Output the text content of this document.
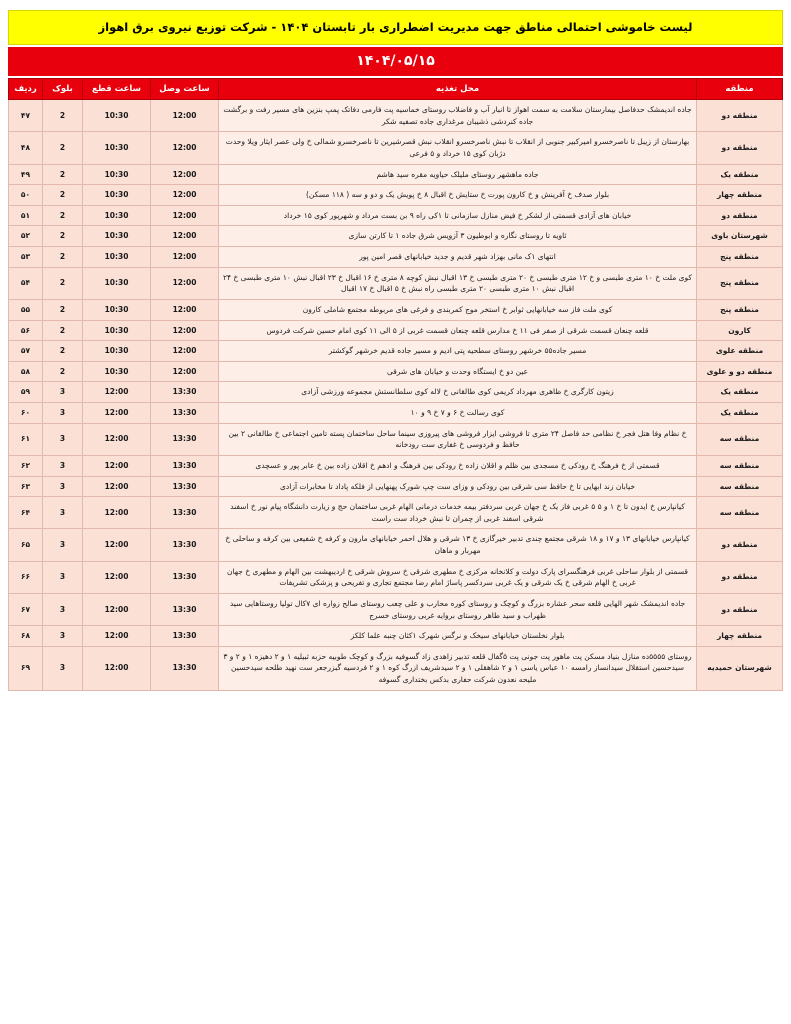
لیست خاموشی احتمالی مناطق جهت مدیریت اضطراری بار تابستان ۱۴۰۴ - شرکت توزیع نیروی برق اهواز
۱۴۰۴/۰۵/۱۵
منطقه	محل تغذیه	ساعت وصل	ساعت قطع	بلوک	ردیف
منطقه دو	جاده اندیمشک حدفاصل بیمارستان سلامت به سمت اهواز تا انبار آب و فاضلاب روستای خماسیه پت فارمی دفاتک پمپ بنزین های مسیر رفت و برگشت جاده کنردشی ذشیبان مرغداری جاده تصفیه شکر	12:00	10:30	2	۴۷
منطقه دو	بهارستان از زیبل تا ناصرخسرو امیرکبیر جنوبی از انقلاب تا نبش ناصرخسرو انقلاب نبش قصرشیرین تا ناصرخسرو شمالی خ ولی عصر ایثار ویلا وحدت دژبان کوی ۱۵ خرداد و ۵ فرعی	12:00	10:30	2	۴۸
منطقه یک	جاده ماهشهر روستای ملیلک حیاویه مقره سید هاشم	12:00	10:30	2	۴۹
منطقه چهار	بلوار صدف خ آفرینش و خ کارون پورت خ ستایش خ اقبال ۸ خ پویش یک و دو و سه ( ۱۱۸ مسکن)	12:00	10:30	2	۵۰
منطقه دو	خیابان های آزادی قسمتی از لشکر خ فیض منازل سازمانی تا ۱کی راه ۹ بن بست مرداد و شهرپور کوی ۱۵ خرداد	12:00	10:30	2	۵۱
شهرستان باوی	ثاویه تا روستای نگاره و ابوطیون ۳ آزویس شرق جاده ۱ تا کارتن سازی	12:00	10:30	2	۵۲
منطقه پنج	انتهای ۱ک مانی بهزاد شهر قدیم و جدید خیابانهای قصر امین پور	12:00	10:30	2	۵۳
منطقه پنج	کوی ملت خ ۱۰ متری طبسی و خ ۱۲ متری طبسی خ ۲۰ متری طبسی خ ۱۳ اقبال نبش کوچه ۸ متری خ ۱۶ اقبال خ ۲۳ اقبال نبش ۱۰ متری طبسی خ ۲۴ اقبال نبش ۱۰ متری طبسی ۲۰ متری طبسی راه نبش خ ۵ اقبال خ ۱۷ اقبال	12:00	10:30	2	۵۴
منطقه پنج	کوی ملت فاز سه خیابانهایی ثوابر خ استخر موج کمربندی و فرغی های مربوطه مجتمع شاملی کارون	12:00	10:30	2	۵۵
کارون	قلعه چنعان قسمت شرقی از صفر فی ۱۱ خ مدارس قلعه چنعان قسمت غربی از ۵ الی ۱۱ کوی امام حسین شرکت فردوس	12:00	10:30	2	۵۶
منطقه علوی	مسیر جاده۵۵ خرشهر روستای سطحیه پتی ادیم و مسیر جاده قدیم خرشهر گوکشتر	12:00	10:30	2	۵۷
منطقه دو و علوی	عین دو خ ایستگاه وحدت و خیابان های شرقی	12:00	10:30	2	۵۸
منطقه یک	زیتون کارگری خ ظاهری مهرداد کریمی کوی طالقانی خ لاله کوی سلطانستش مجموعه ورزشی آزادی	13:30	12:00	3	۵۹
منطقه یک	کوی رسالت خ ۶ و ۷ خ ۹ و ۱۰	13:30	12:00	3	۶۰
منطقه سه	خ نظام وفا هتل فجر خ نظامی حد فاصل ۲۴ متری تا فروشی ایزار فروشی های پیروزی سینما ساحل ساختمان پسته تامین اجتماعی خ طالقانی ۲ بین حافظ و فردوسی خ غفاری ست رودخانه	13:30	12:00	3	۶۱
منطقه سه	قسمتی از خ فرهنگ خ رودکی خ مسجدی بین ظلم و اقلان زاده خ رودکی بین فرهنگ و ادهم خ اقلان زاده بین خ عابر پور و عسچدی	13:30	12:00	3	۶۲
منطقه سه	خیابان زند ابهایی تا خ حافظ سی شرقی بین رودکی و وزای ست چپ شورک پهنهایی از فلکه پاداد تا مخابرات آزادی	13:30	12:00	3	۶۳
منطقه سه	کیانپارس خ ایدون تا خ ۱ و ۵ ۵ غربی فاز یک خ جهان غربی سردفتر بیمه خدمات درمانی الهام غربی ساختمان حج و زیارت دانشگاه پیام نور خ اسفند شرقی اسفند غربی از چمران تا نبش خرداد ست راست	13:30	12:00	3	۶۴
منطقه دو	کیانپارس خیابانهای ۱۳ و ۱۷ و ۱۸ شرقی مجتمع چندی تدبیر خیرگازی خ ۱۳ شرقی و هلال احمر خیابانهای مارون و کرفه خ شفیعی بین کرفه و ساحلی خ مهربار و ماهان	13:30	12:00	3	۶۵
منطقه دو	قسمتی از بلوار ساحلی غربی فرهنگسرای پارک دولت و کلانخانه مرکزی خ مطهری شرقی خ سروش شرقی خ اردیبهشت بین الهام و مطهری خ جهان غربی خ الهام شرقی خ یک شرقی و یک غربی سردکسر پاساژ امام رضا مجتمع تجاری و تفریحی و پزشکی تشریفات	13:30	12:00	3	۶۶
منطقه دو	جاده اندیمشک شهر الهایی قلعه سحر عشاره بزرگ و کوچک و روستای کوره محارب و علی چعب روستای صالح زواره ای ۷کال تولیا روستاهایی سید ظهراب و سید طاهر روستای بروایه غربی روستای خسرج	13:30	12:00	3	۶۷
منطقه چهار	بلوار نخلستان خیابانهای سیخک و نرگس شهرک ۱کثان چنبه علما کلکز	13:30	12:00	3	۶۸
شهرستان حمیدیه	روستای ۵۵۵۵ده منازل بنیاد مسکن پت ماهور پت جونی پت ۵گفال قلعه تدبیر زاهدی زاد گسوفیه بزرگ و کوچک طوبیه حزبه ثبیلیه ۱ و ۲ دهیزه ۱ و ۲ و ۳ سیدحسین استقلال سیدانساز رامسه ۱۰ عباس یاسی ۱ و ۲ شاهقلی ۱ و ۲ سیدشریف ازرگ کوه ۱ و ۲ فردسیه گبزرجعر ست نهید طلحه سیدحسین ملیحه نعدون شرکت حفاری بدکس بختداری گسوفه	13:30	12:00	3	۶۹
